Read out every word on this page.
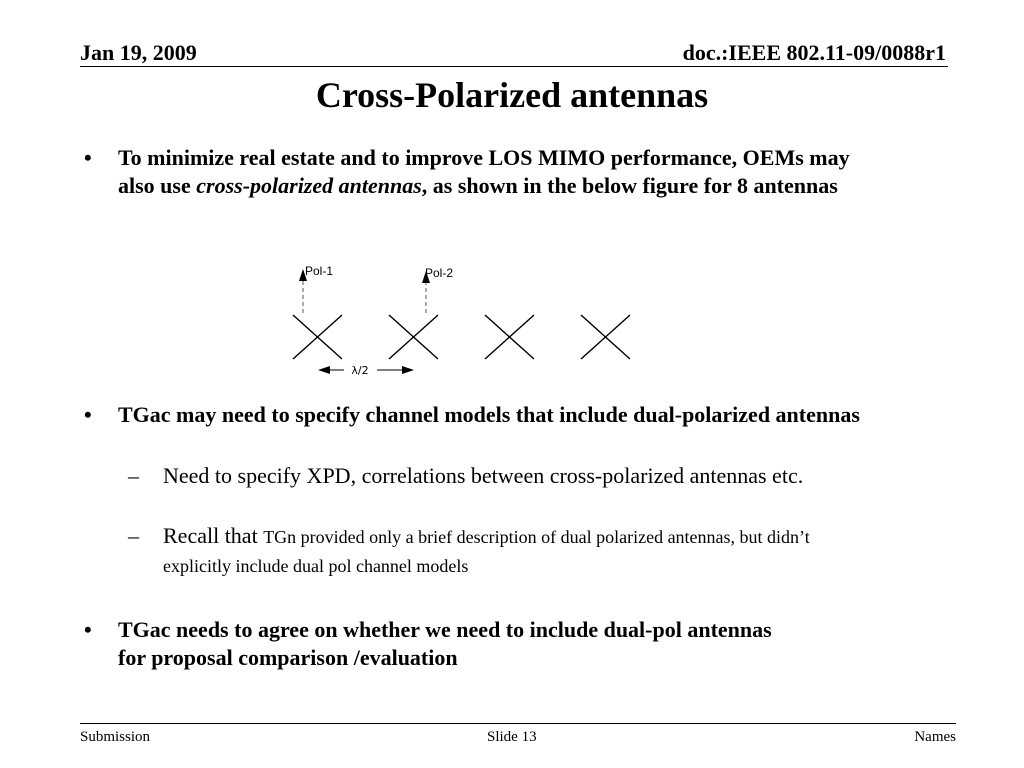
Jan 19, 2009	doc.:IEEE 802.11-09/0088r1
Cross-Polarized antennas
• To minimize real estate and to improve LOS MIMO performance, OEMs may also use cross-polarized antennas, as shown in the below figure for 8 antennas
Pol-1	Pol-2
λ/2
• TGac may need to specify channel models that include dual-polarized antennas
– Need to specify XPD, correlations between cross-polarized antennas etc.
– Recall that TGn provided only a brief description of dual polarized antennas, but didn’t explicitly include dual pol channel models
• TGac needs to agree on whether we need to include dual-pol antennas for proposal comparison /evaluation
Submission	Slide 13	Names
